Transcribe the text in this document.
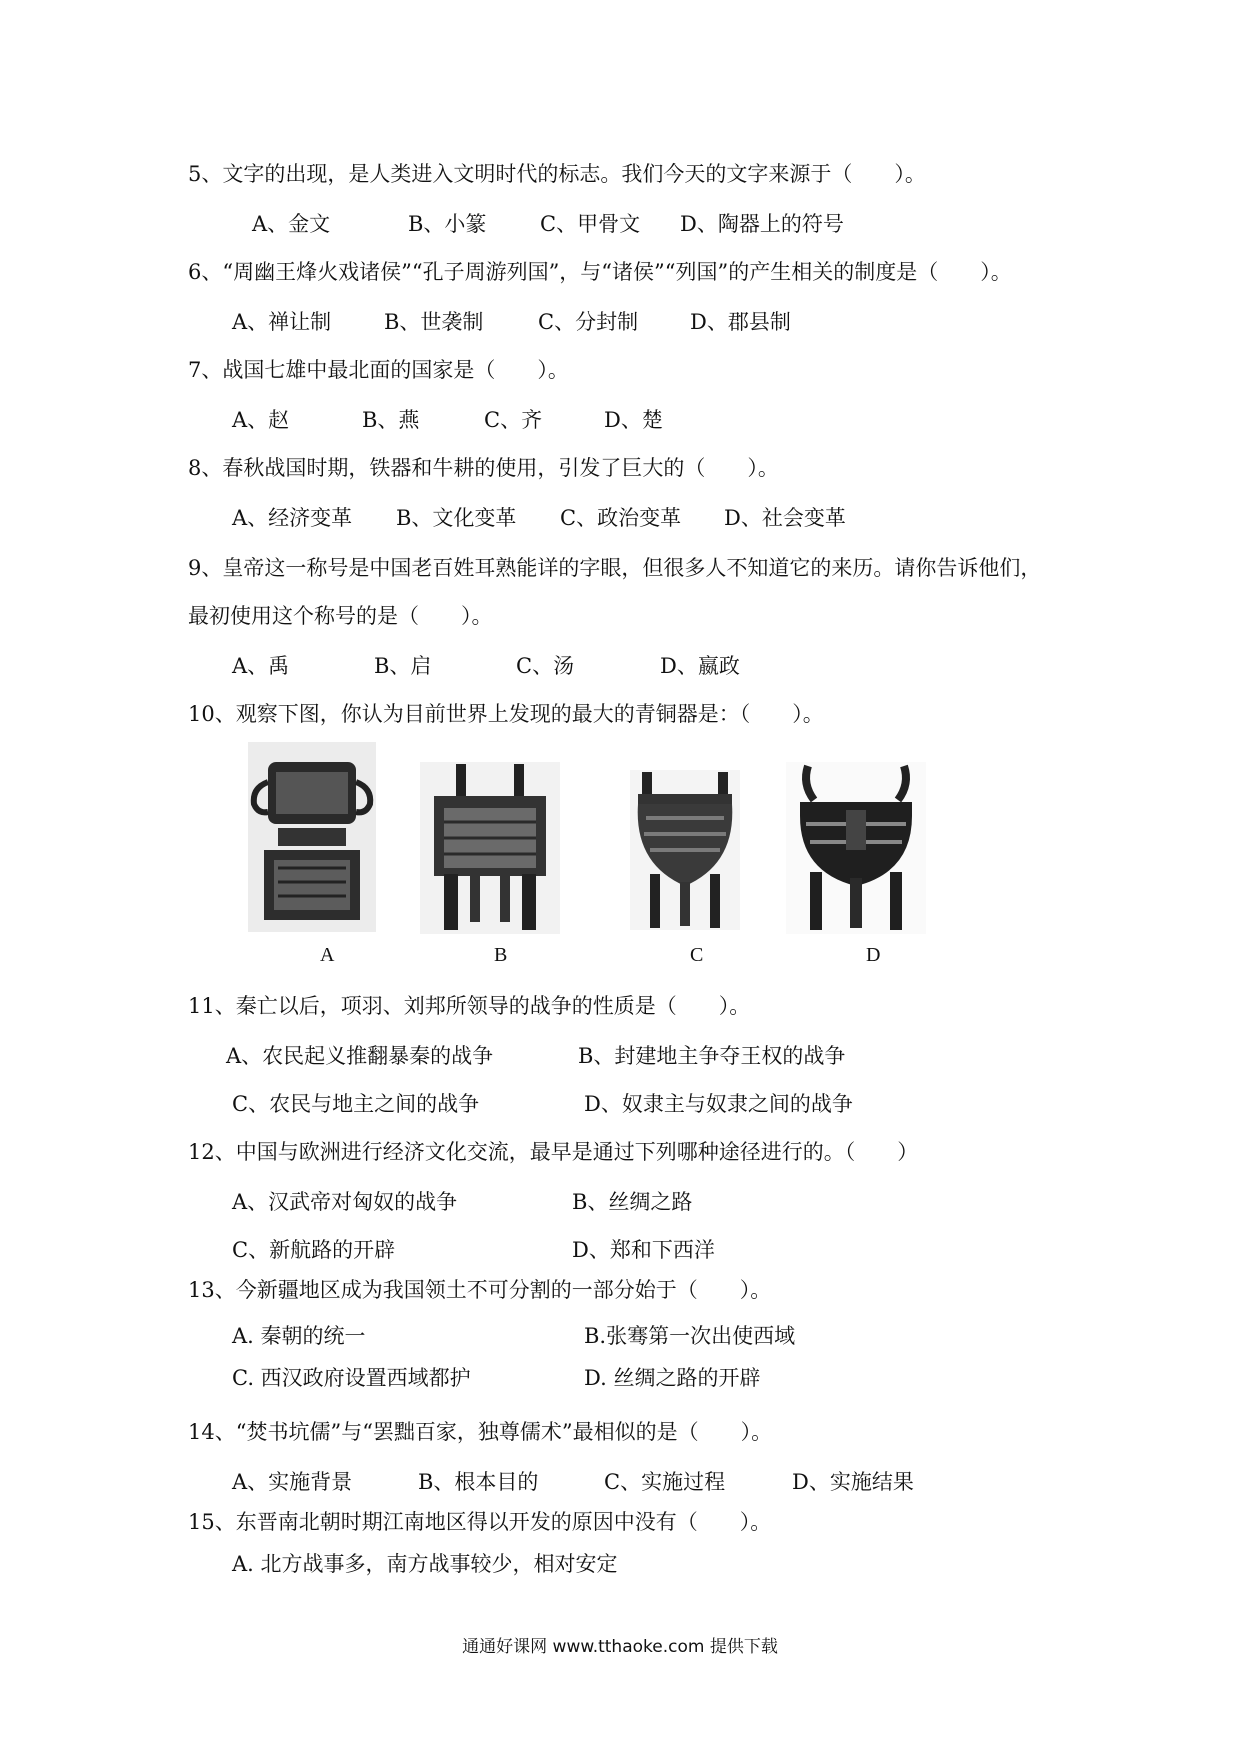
5、文字的出现，是人类进入文明时代的标志。我们今天的文字来源于（　　）。
A、金文	B、小篆	C、甲骨文 D、陶器上的符号
6、“周幽王烽火戏诸侯”“孔子周游列国”，与“诸侯”“列国”的产生相关的制度是（　　）。
A、禅让制	B、世袭制	C、分封制 D、郡县制
7、战国七雄中最北面的国家是（　　）。
A、赵	B、燕	C、齐	D、楚
8、春秋战国时期，铁器和牛耕的使用，引发了巨大的（　　）。
A、经济变革 B、文化变革 C、政治变革 D、社会变革
9、皇帝这一称号是中国老百姓耳熟能详的字眼，但很多人不知道它的来历。请你告诉他们，
最初使用这个称号的是（　　）。
A、禹	B、启	C、汤	D、嬴政
10、观察下图，你认为目前世界上发现的最大的青铜器是：（　　）。
A	B	C	D
11、秦亡以后，项羽、刘邦所领导的战争的性质是（　　）。
A、农民起义推翻暴秦的战争	B、封建地主争夺王权的战争
C、农民与地主之间的战争	D、奴隶主与奴隶之间的战争
12、中国与欧洲进行经济文化交流，最早是通过下列哪种途径进行的。（　　）
A、汉武帝对匈奴的战争	B、丝绸之路
C、新航路的开辟	D、郑和下西洋
13、今新疆地区成为我国领土不可分割的一部分始于（　　）。
A. 秦朝的统一	B.张骞第一次出使西域
C. 西汉政府设置西域都护	D. 丝绸之路的开辟
14、“焚书坑儒”与“罢黜百家，独尊儒术”最相似的是（　　）。
A、实施背景	B、根本目的	C、实施过程	D、实施结果
15、东晋南北朝时期江南地区得以开发的原因中没有（　　）。
A. 北方战事多，南方战事较少，相对安定
通通好课网 www.tthaoke.com 提供下载
